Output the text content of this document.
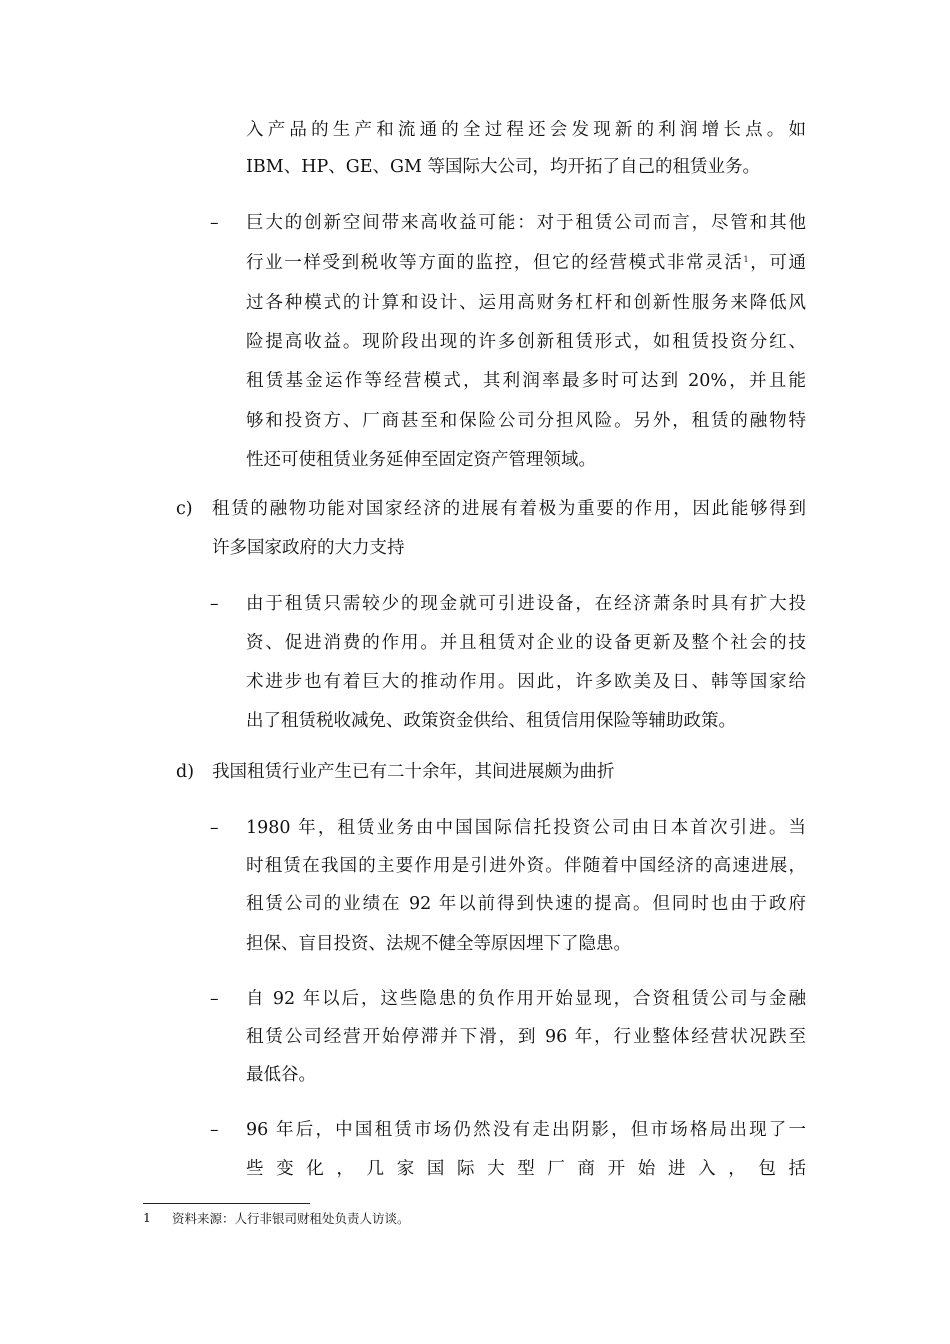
入产品的生产和流通的全过程还会发现新的利润增长点。如
IBM、HP、GE、GM 等国际大公司，均开拓了自己的租赁业务。
– 巨大的创新空间带来高收益可能：对于租赁公司而言，尽管和其他
行业一样受到税收等方面的监控，但它的经营模式非常灵活$^1$，可通
过各种模式的计算和设计、运用高财务杠杆和创新性服务来降低风
险提高收益。现阶段出现的许多创新租赁形式，如租赁投资分红、
租赁基金运作等经营模式，其利润率最多时可达到 20%，并且能
够和投资方、厂商甚至和保险公司分担风险。另外，租赁的融物特
性还可使租赁业务延伸至固定资产管理领域。
c) 租赁的融物功能对国家经济的进展有着极为重要的作用，因此能够得到
许多国家政府的大力支持
– 由于租赁只需较少的现金就可引进设备，在经济萧条时具有扩大投
资、促进消费的作用。并且租赁对企业的设备更新及整个社会的技
术进步也有着巨大的推动作用。因此，许多欧美及日、韩等国家给
出了租赁税收减免、政策资金供给、租赁信用保险等辅助政策。
d) 我国租赁行业产生已有二十余年，其间进展颇为曲折
– 1980 年，租赁业务由中国国际信托投资公司由日本首次引进。当
时租赁在我国的主要作用是引进外资。伴随着中国经济的高速进展，
租赁公司的业绩在 92 年以前得到快速的提高。但同时也由于政府
担保、盲目投资、法规不健全等原因埋下了隐患。
– 自 92 年以后，这些隐患的负作用开始显现，合资租赁公司与金融
租赁公司经营开始停滞并下滑，到 96 年，行业整体经营状况跌至
最低谷。
– 96 年后，中国租赁市场仍然没有走出阴影，但市场格局出现了一
些变化，几家国际大型厂商开始进入，包括
1 资料来源：人行非银司财租处负责人访谈。
